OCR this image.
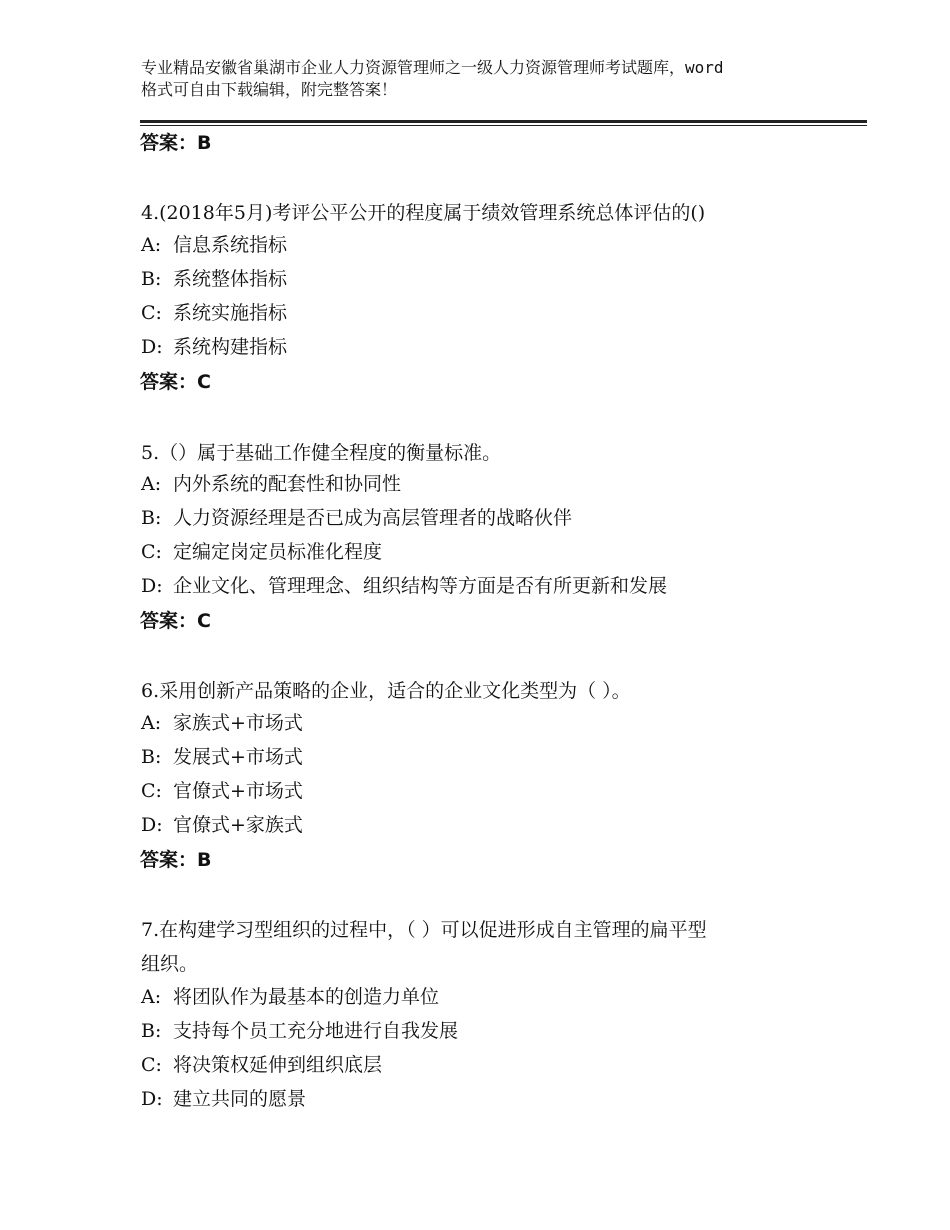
专业精品安徽省巢湖市企业人力资源管理师之一级人力资源管理师考试题库，word
格式可自由下载编辑，附完整答案！
答案：B
4.(2018年5月)考评公平公开的程度属于绩效管理系统总体评估的()
A: 信息系统指标
B: 系统整体指标
C: 系统实施指标
D: 系统构建指标
答案：C
5.（）属于基础工作健全程度的衡量标准。
A: 内外系统的配套性和协同性
B: 人力资源经理是否已成为高层管理者的战略伙伴
C: 定编定岗定员标准化程度
D: 企业文化、管理理念、组织结构等方面是否有所更新和发展
答案：C
6.采用创新产品策略的企业，适合的企业文化类型为（ ）。
A: 家族式+市场式
B: 发展式+市场式
C: 官僚式+市场式
D: 官僚式+家族式
答案：B
7.在构建学习型组织的过程中，（ ）可以促进形成自主管理的扁平型
组织。
A: 将团队作为最基本的创造力单位
B: 支持每个员工充分地进行自我发展
C: 将决策权延伸到组织底层
D: 建立共同的愿景
